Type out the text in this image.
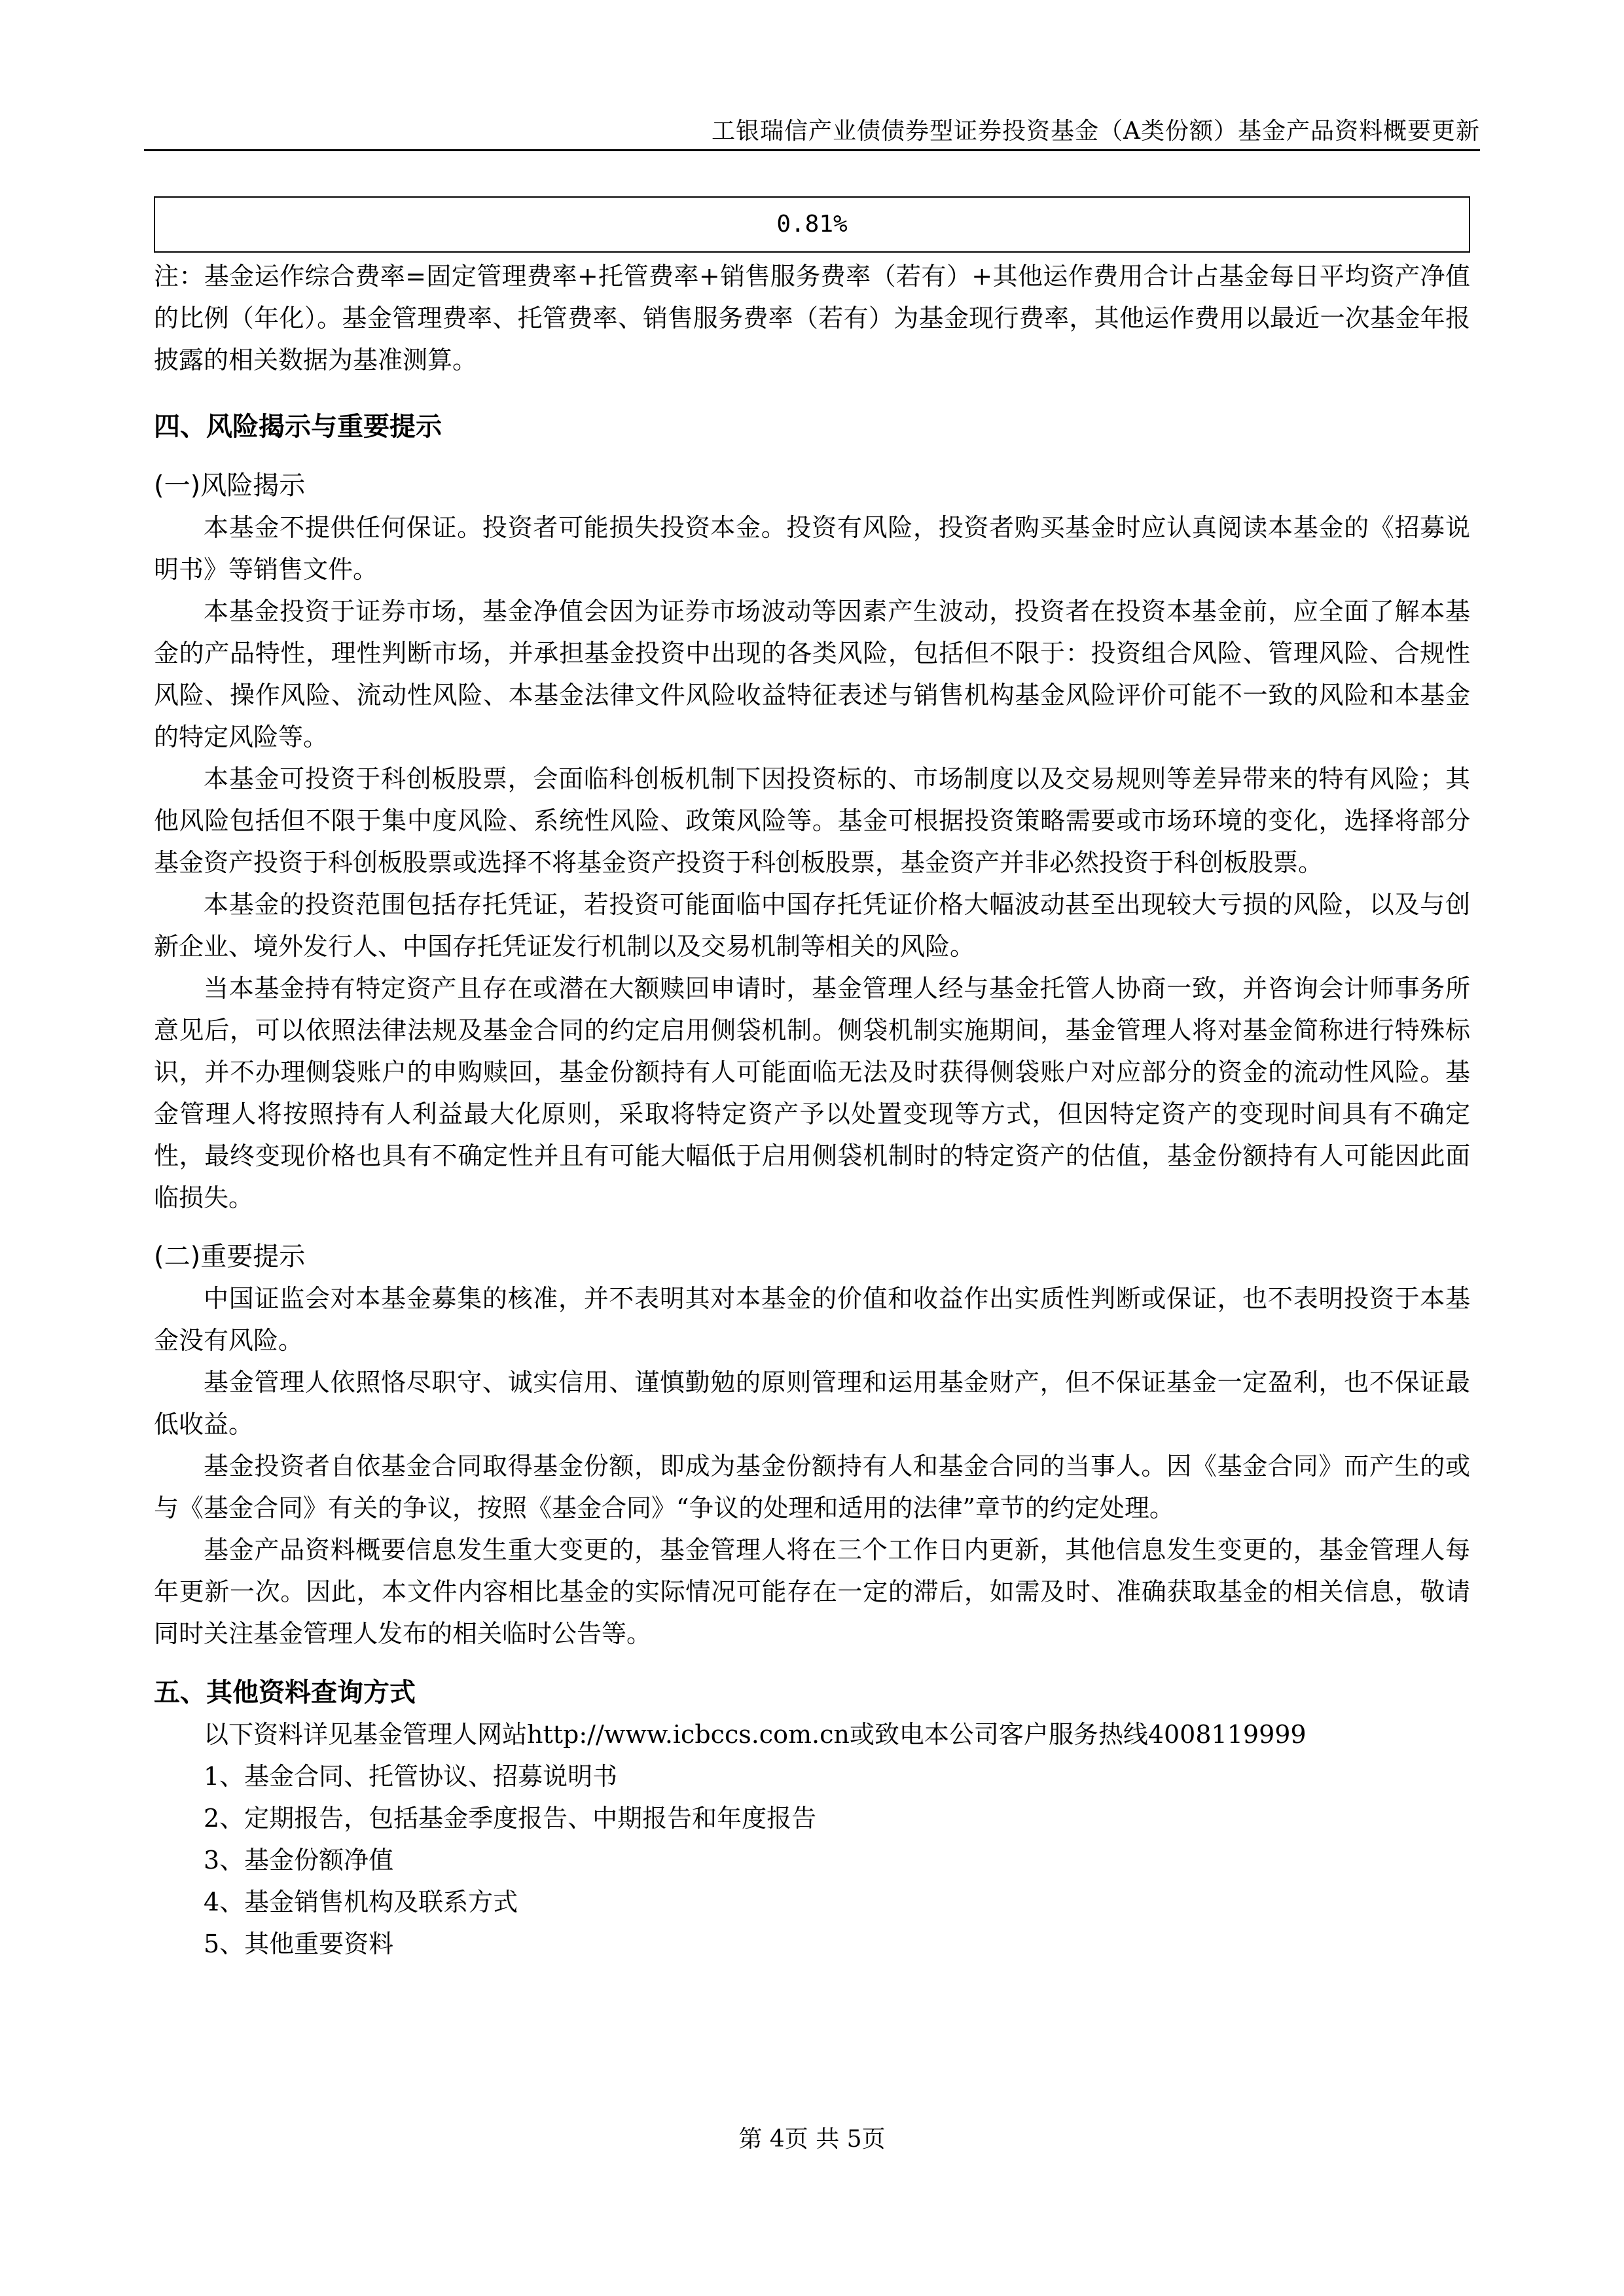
工银瑞信产业债债券型证券投资基金（A类份额）基金产品资料概要更新
0.81%

注：基金运作综合费率=固定管理费率+托管费率+销售服务费率（若有）+其他运作费用合计占基金每日平均资产净值的比例（年化）。基金管理费率、托管费率、销售服务费率（若有）为基金现行费率，其他运作费用以最近一次基金年报披露的相关数据为基准测算。

四、风险揭示与重要提示
(一)风险揭示

本基金不提供任何保证。投资者可能损失投资本金。投资有风险，投资者购买基金时应认真阅读本基金的《招募说明书》等销售文件。

本基金投资于证券市场，基金净值会因为证券市场波动等因素产生波动，投资者在投资本基金前，应全面了解本基金的产品特性，理性判断市场，并承担基金投资中出现的各类风险，包括但不限于：投资组合风险、管理风险、合规性风险、操作风险、流动性风险、本基金法律文件风险收益特征表述与销售机构基金风险评价可能不一致的风险和本基金的特定风险等。

本基金可投资于科创板股票，会面临科创板机制下因投资标的、市场制度以及交易规则等差异带来的特有风险；其他风险包括但不限于集中度风险、系统性风险、政策风险等。基金可根据投资策略需要或市场环境的变化，选择将部分基金资产投资于科创板股票或选择不将基金资产投资于科创板股票，基金资产并非必然投资于科创板股票。

本基金的投资范围包括存托凭证，若投资可能面临中国存托凭证价格大幅波动甚至出现较大亏损的风险，以及与创新企业、境外发行人、中国存托凭证发行机制以及交易机制等相关的风险。

当本基金持有特定资产且存在或潜在大额赎回申请时，基金管理人经与基金托管人协商一致，并咨询会计师事务所意见后，可以依照法律法规及基金合同的约定启用侧袋机制。侧袋机制实施期间，基金管理人将对基金简称进行特殊标识，并不办理侧袋账户的申购赎回，基金份额持有人可能面临无法及时获得侧袋账户对应部分的资金的流动性风险。基金管理人将按照持有人利益最大化原则，采取将特定资产予以处置变现等方式，但因特定资产的变现时间具有不确定性，最终变现价格也具有不确定性并且有可能大幅低于启用侧袋机制时的特定资产的估值，基金份额持有人可能因此面临损失。

(二)重要提示

中国证监会对本基金募集的核准，并不表明其对本基金的价值和收益作出实质性判断或保证，也不表明投资于本基金没有风险。

基金管理人依照恪尽职守、诚实信用、谨慎勤勉的原则管理和运用基金财产，但不保证基金一定盈利，也不保证最低收益。

基金投资者自依基金合同取得基金份额，即成为基金份额持有人和基金合同的当事人。因《基金合同》而产生的或与《基金合同》有关的争议，按照《基金合同》“争议的处理和适用的法律”章节的约定处理。

基金产品资料概要信息发生重大变更的，基金管理人将在三个工作日内更新，其他信息发生变更的，基金管理人每年更新一次。因此，本文件内容相比基金的实际情况可能存在一定的滞后，如需及时、准确获取基金的相关信息，敬请同时关注基金管理人发布的相关临时公告等。

五、其他资料查询方式

以下资料详见基金管理人网站http://www.icbccs.com.cn或致电本公司客户服务热线4008119999

1、基金合同、托管协议、招募说明书

2、定期报告，包括基金季度报告、中期报告和年度报告

3、基金份额净值

4、基金销售机构及联系方式

5、其他重要资料

第 4页 共 5页
